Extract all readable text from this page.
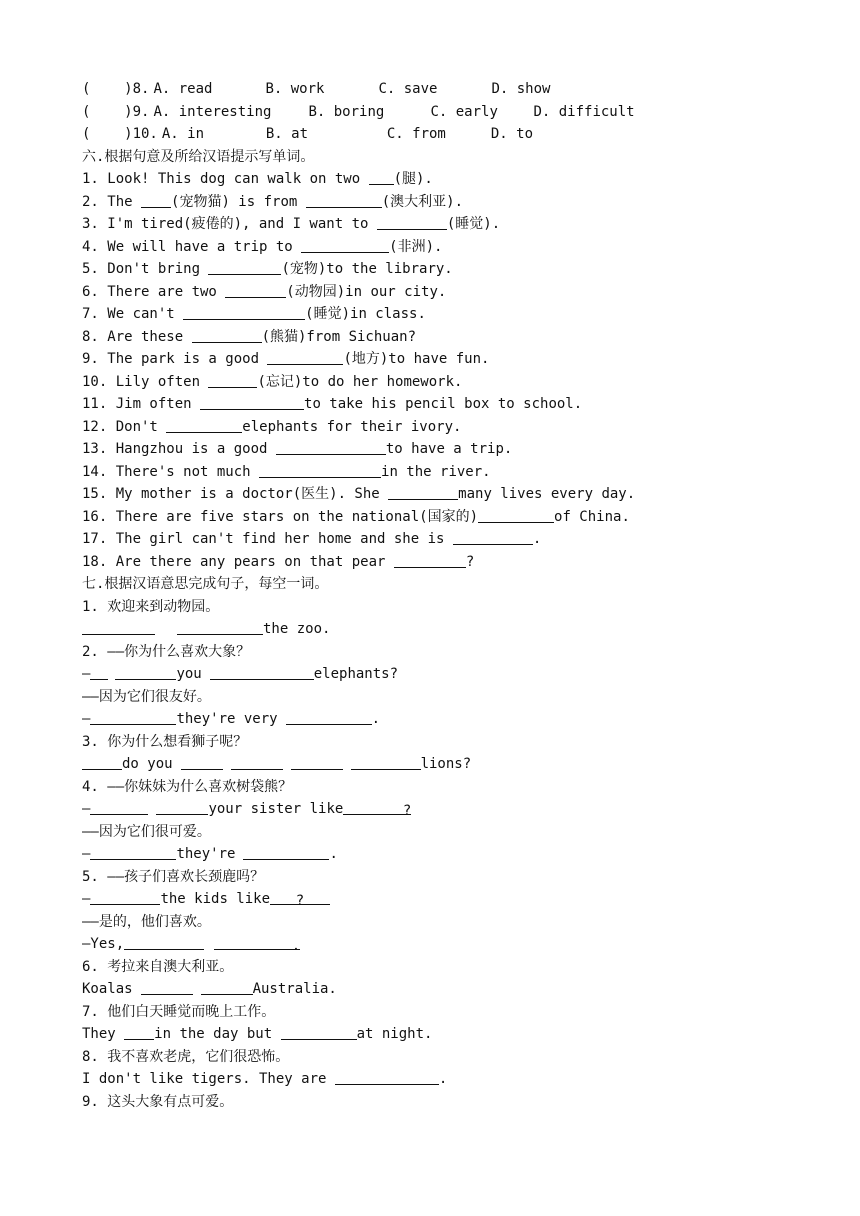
(    )8. A. read	B. work	C. save	D. show
(    )9. A. interesting	B. boring	C. early	D. difficult
(    )10. A. in	B. at	C. from	D. to
六.根据句意及所给汉语提示写单词。
1. Look! This dog can walk on two (腿).
2. The (宠物猫) is from	(澳大利亚).
3. I'm tired(疲倦的), and I want to	(睡觉).
4. We will have a trip to	(非洲).
5. Don't bring	(宠物)to the library.
6. There are two	(动物园)in our city.
7. We can't	(睡觉)in class.
8. Are these	(熊猫)from Sichuan?
9. The park is a good	(地方)to have fun.
10. Lily often	(忘记)to do her homework.
11. Jim often	to take his pencil box to school.
12. Don't	elephants for their ivory.
13. Hangzhou is a good	to have a trip.
14. There's not much	in the river.
15. My mother is a doctor(医生). She	many lives every day.
16. There are five stars on the national(国家的)	of China.
17. The girl can't find her home and she is	.
18. Are there any pears on that pear	?
七.根据汉语意思完成句子，每空一词。
1. 欢迎来到动物园。
the zoo.
2. ——你为什么喜欢大象？
—	you	elephants?
——因为它们很友好。
—	they're very	.
3. 你为什么想看狮子呢？
do you	lions?
4. ——你妹妹为什么喜欢树袋熊？
—	your sister like	?
——因为它们很可爱。
—	they're	.
5. ——孩子们喜欢长颈鹿吗？
—	the kids like ?
——是的，他们喜欢。
—Yes,	.
6. 考拉来自澳大利亚。
Koalas	Australia.
7. 他们白天睡觉而晚上工作。
They in the day but	at night.
8. 我不喜欢老虎，它们很恐怖。
I don't like tigers. They are	.
9. 这头大象有点可爱。
